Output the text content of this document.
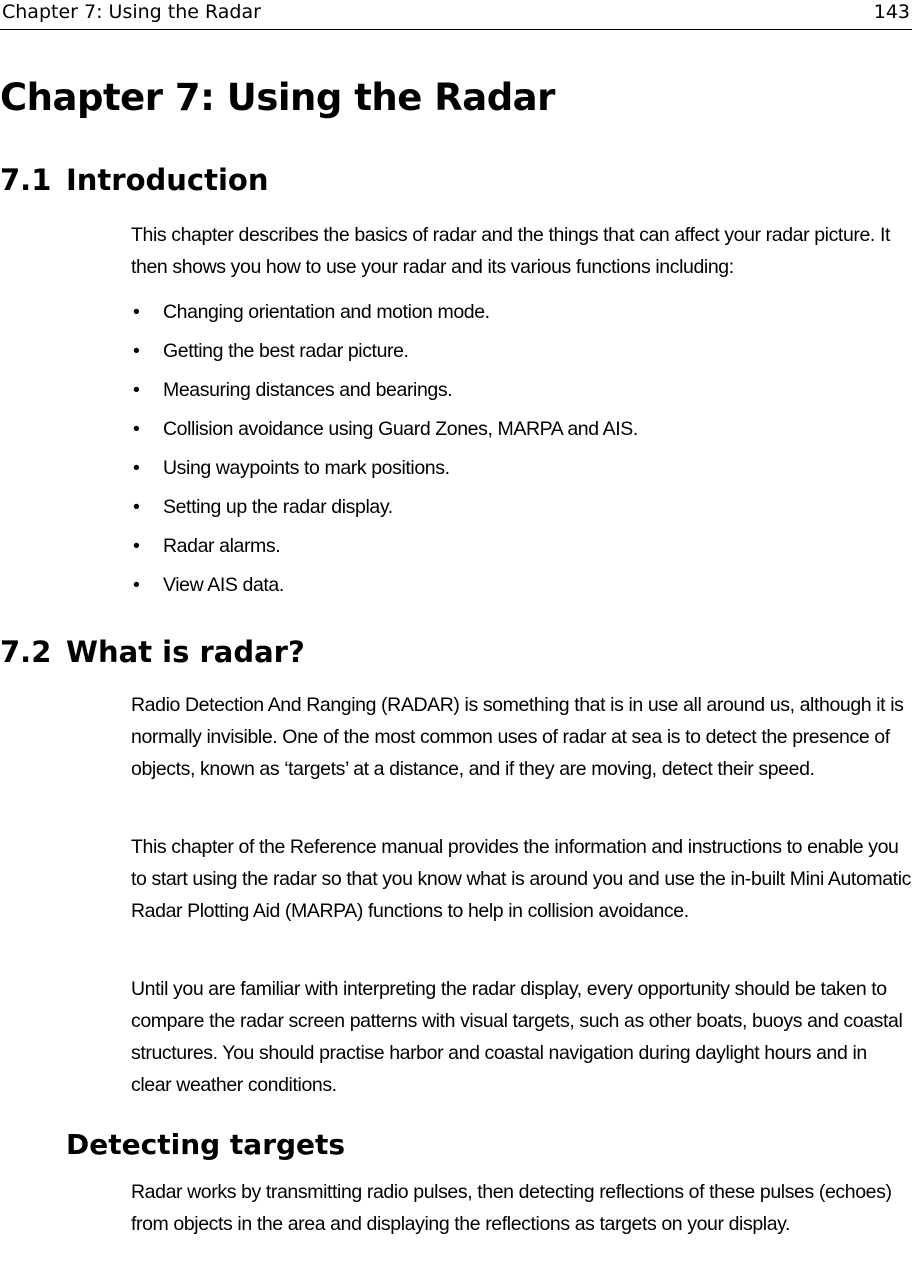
Chapter 7: Using the Radar	143
Chapter 7: Using the Radar
7.1 Introduction

This chapter describes the basics of radar and the things that can affect your radar picture. It then shows you how to use your radar and its various functions including:

• Changing orientation and motion mode.
• Getting the best radar picture.
• Measuring distances and bearings.
• Collision avoidance using Guard Zones, MARPA and AIS.
• Using waypoints to mark positions.
• Setting up the radar display.
• Radar alarms.
• View AIS data.
7.2 What is radar?

Radio Detection And Ranging (RADAR) is something that is in use all around us, although it is normally invisible. One of the most common uses of radar at sea is to detect the presence of objects, known as ‘targets’ at a distance, and if they are moving, detect their speed.

This chapter of the Reference manual provides the information and instructions to enable you to start using the radar so that you know what is around you and use the in-built Mini Automatic Radar Plotting Aid (MARPA) functions to help in collision avoidance.

Until you are familiar with interpreting the radar display, every opportunity should be taken to compare the radar screen patterns with visual targets, such as other boats, buoys and coastal structures. You should practise harbor and coastal navigation during daylight hours and in clear weather conditions.

Detecting targets

Radar works by transmitting radio pulses, then detecting reflections of these pulses (echoes) from objects in the area and displaying the reflections as targets on your display.
